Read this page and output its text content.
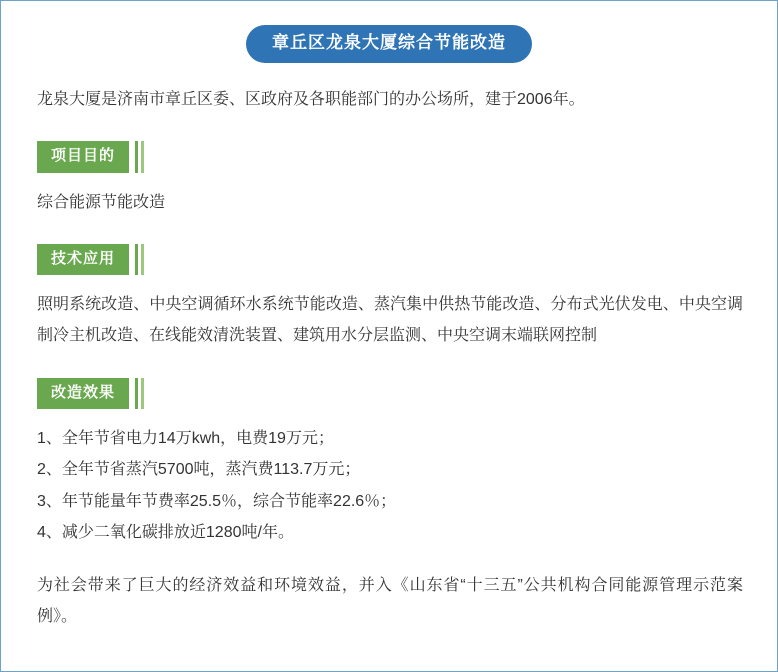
章丘区龙泉大厦综合节能改造

龙泉大厦是济南市章丘区委、区政府及各职能部门的办公场所，建于2006年。

项目目的

综合能源节能改造

技术应用

照明系统改造、中央空调循环水系统节能改造、蒸汽集中供热节能改造、分布式光伏发电、中央空调制冷主机改造、在线能效清洗装置、建筑用水分层监测、中央空调末端联网控制

改造效果
1、全年节省电力14万kwh，电费19万元；
2、全年节省蒸汽5700吨，蒸汽费113.7万元；
3、年节能量年节费率25.5％，综合节能率22.6％；
4、减少二氧化碳排放近1280吨/年。

为社会带来了巨大的经济效益和环境效益，并入《山东省“十三五”公共机构合同能源管理示范案例》。
